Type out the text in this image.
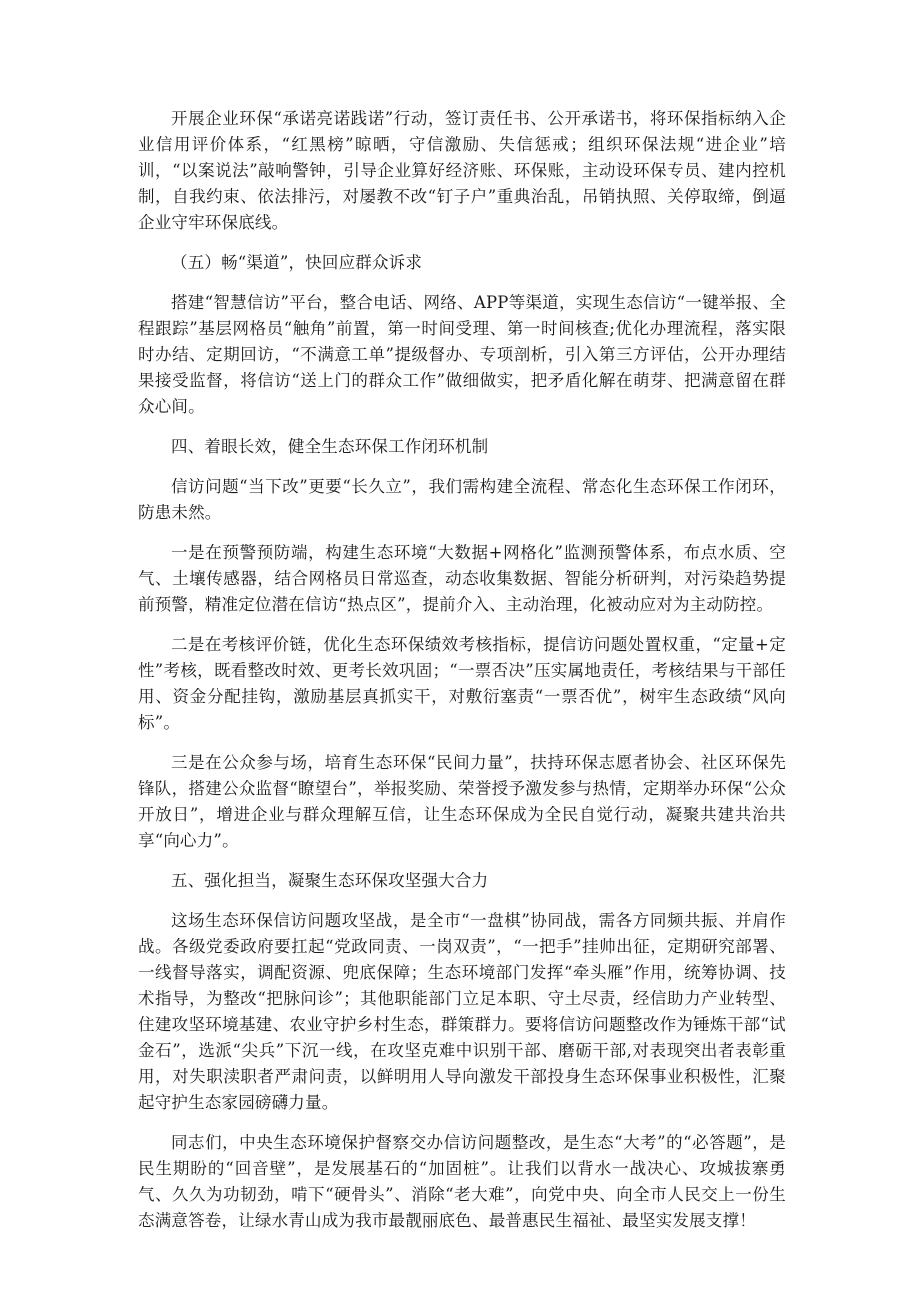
开展企业环保“承诺亮诺践诺”行动，签订责任书、公开承诺书，将环保指标纳入企业信用评价体系，“红黑榜”晾晒，守信激励、失信惩戒；组织环保法规“进企业”培训，“以案说法”敲响警钟，引导企业算好经济账、环保账，主动设环保专员、建内控机制，自我约束、依法排污，对屡教不改“钉子户”重典治乱，吊销执照、关停取缔，倒逼企业守牢环保底线。

（五）畅“渠道”，快回应群众诉求

搭建“智慧信访”平台，整合电话、网络、APP等渠道，实现生态信访“一键举报、全程跟踪”基层网格员“触角”前置，第一时间受理、第一时间核查;优化办理流程，落实限时办结、定期回访，“不满意工单”提级督办、专项剖析，引入第三方评估，公开办理结果接受监督，将信访“送上门的群众工作”做细做实，把矛盾化解在萌芽、把满意留在群众心间。

四、着眼长效，健全生态环保工作闭环机制

信访问题“当下改”更要“长久立”，我们需构建全流程、常态化生态环保工作闭环，防患未然。

一是在预警预防端，构建生态环境“大数据+网格化”监测预警体系，布点水质、空气、土壤传感器，结合网格员日常巡查，动态收集数据、智能分析研判，对污染趋势提前预警，精准定位潜在信访“热点区”，提前介入、主动治理，化被动应对为主动防控。

二是在考核评价链，优化生态环保绩效考核指标，提信访问题处置权重，“定量+定性”考核，既看整改时效、更考长效巩固；“一票否决”压实属地责任，考核结果与干部任用、资金分配挂钩，激励基层真抓实干，对敷衍塞责“一票否优”，树牢生态政绩“风向标”。

三是在公众参与场，培育生态环保“民间力量”，扶持环保志愿者协会、社区环保先锋队，搭建公众监督“瞭望台”，举报奖励、荣誉授予激发参与热情，定期举办环保“公众开放日”，增进企业与群众理解互信，让生态环保成为全民自觉行动，凝聚共建共治共享“向心力”。

五、强化担当，凝聚生态环保攻坚强大合力

这场生态环保信访问题攻坚战，是全市“一盘棋”协同战，需各方同频共振、并肩作战。各级党委政府要扛起“党政同责、一岗双责”，“一把手”挂帅出征，定期研究部署、一线督导落实，调配资源、兜底保障；生态环境部门发挥“牵头雁”作用，统筹协调、技术指导，为整改“把脉问诊”；其他职能部门立足本职、守土尽责，经信助力产业转型、住建攻坚环境基建、农业守护乡村生态，群策群力。要将信访问题整改作为锤炼干部“试金石”，选派“尖兵”下沉一线，在攻坚克难中识别干部、磨砺干部,对表现突出者表彰重用，对失职渎职者严肃问责，以鲜明用人导向激发干部投身生态环保事业积极性，汇聚起守护生态家园磅礴力量。

同志们，中央生态环境保护督察交办信访问题整改，是生态“大考”的“必答题”，是民生期盼的“回音壁”，是发展基石的“加固桩”。让我们以背水一战决心、攻城拔寨勇气、久久为功韧劲，啃下“硬骨头”、消除“老大难”，向党中央、向全市人民交上一份生态满意答卷，让绿水青山成为我市最靓丽底色、最普惠民生福祉、最坚实发展支撑！
